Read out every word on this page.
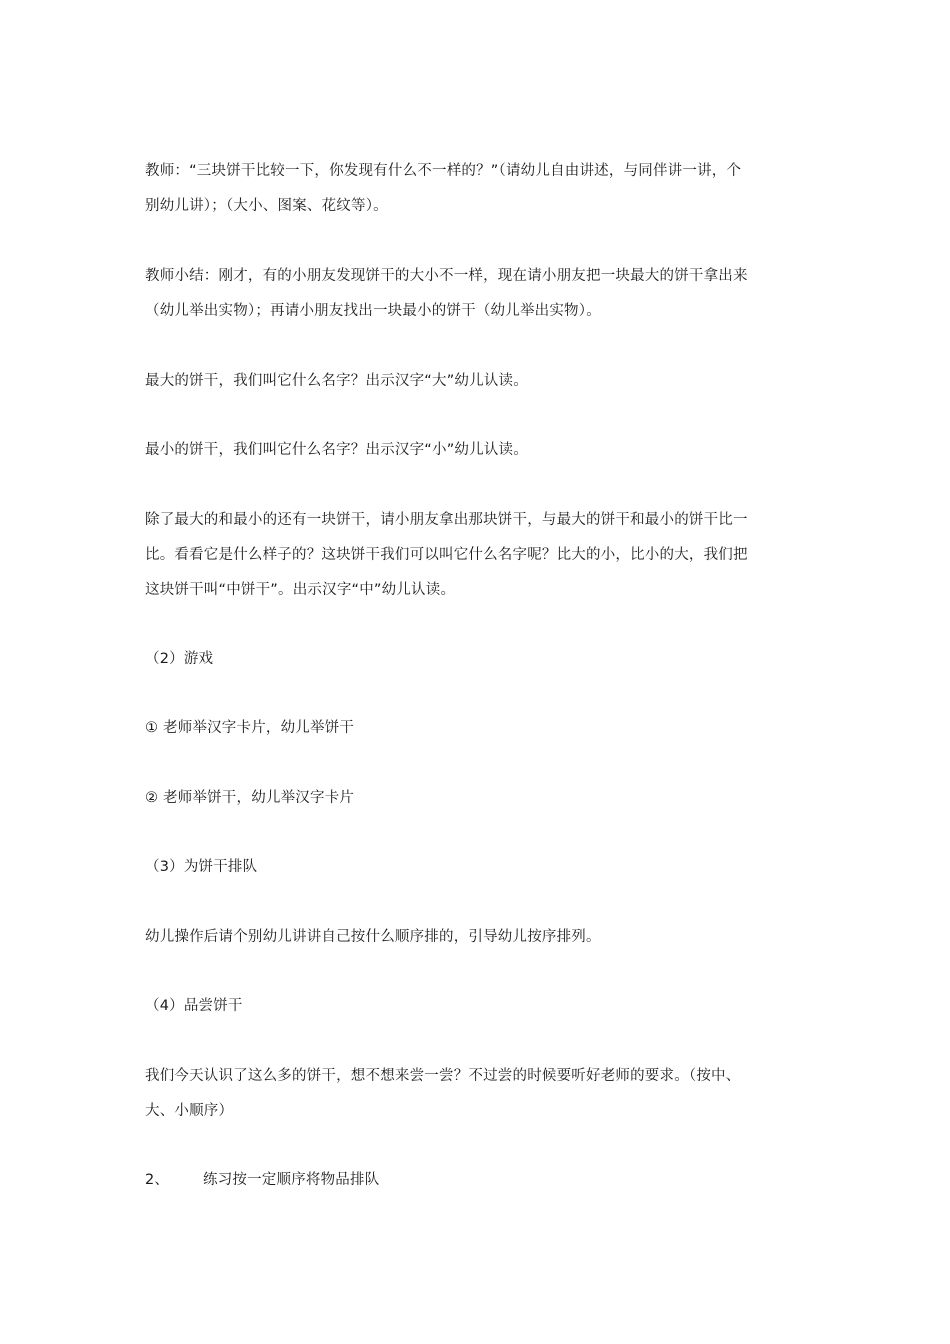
教师：“三块饼干比较一下，你发现有什么不一样的？”（请幼儿自由讲述，与同伴讲一讲，个
别幼儿讲）；（大小、图案、花纹等）。
教师小结：刚才，有的小朋友发现饼干的大小不一样，现在请小朋友把一块最大的饼干拿出来
（幼儿举出实物）；再请小朋友找出一块最小的饼干（幼儿举出实物）。
最大的饼干，我们叫它什么名字？出示汉字“大”幼儿认读。
最小的饼干，我们叫它什么名字？出示汉字“小”幼儿认读。
除了最大的和最小的还有一块饼干，请小朋友拿出那块饼干，与最大的饼干和最小的饼干比一
比。看看它是什么样子的？这块饼干我们可以叫它什么名字呢？比大的小，比小的大，我们把
这块饼干叫“中饼干”。出示汉字“中”幼儿认读。
（2）游戏
① 老师举汉字卡片，幼儿举饼干
② 老师举饼干，幼儿举汉字卡片
（3）为饼干排队
幼儿操作后请个别幼儿讲讲自己按什么顺序排的，引导幼儿按序排列。
（4）品尝饼干
我们今天认识了这么多的饼干，想不想来尝一尝？不过尝的时候要听好老师的要求。（按中、
大、小顺序）
2、 练习按一定顺序将物品排队
